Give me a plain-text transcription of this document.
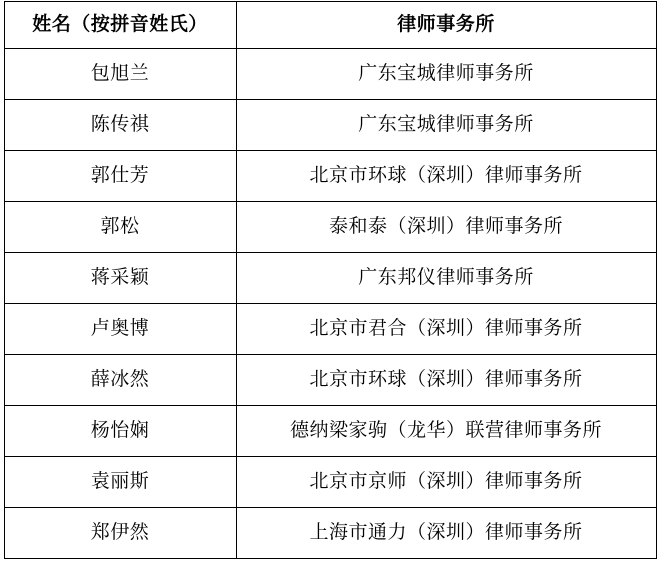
姓名（按拼音姓氏）	律师事务所
包旭兰	广东宝城律师事务所
陈传祺	广东宝城律师事务所
郭仕芳	北京市环球（深圳）律师事务所
郭松	泰和泰（深圳）律师事务所
蒋采颖	广东邦仪律师事务所
卢奥博	北京市君合（深圳）律师事务所
薛冰然	北京市环球（深圳）律师事务所
杨怡娴	德纳梁家驹（龙华）联营律师事务所
袁丽斯	北京市京师（深圳）律师事务所
郑伊然	上海市通力（深圳）律师事务所
